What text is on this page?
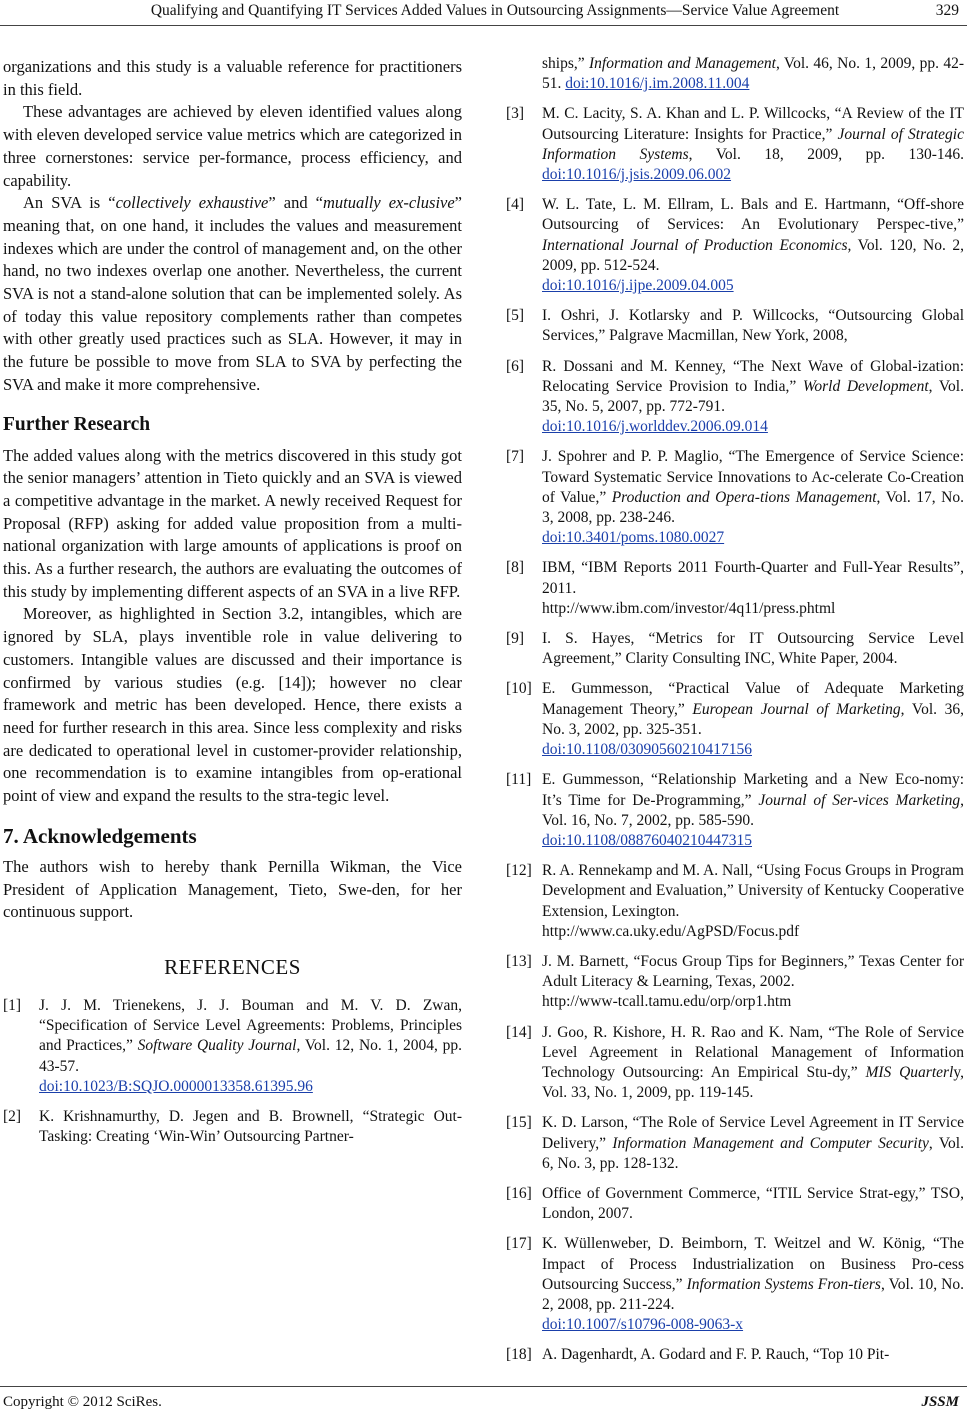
Qualifying and Quantifying IT Services Added Values in Outsourcing Assignments—Service Value Agreement	329

organizations and this study is a valuable reference for practitioners in this field.

These advantages are achieved by eleven identified values along with eleven developed service value metrics which are categorized in three cornerstones: service per-formance, process efficiency, and capability.

An SVA is “collectively exhaustive” and “mutually ex-clusive” meaning that, on one hand, it includes the values and measurement indexes which are under the control of management and, on the other hand, no two indexes overlap one another. Nevertheless, the current SVA is not a stand-alone solution that can be implemented solely. As of today this value repository complements rather than competes with other greatly used practices such as SLA. However, it may in the future be possible to move from SLA to SVA by perfecting the SVA and make it more comprehensive.

Further Research

The added values along with the metrics discovered in this study got the senior managers’ attention in Tieto quickly and an SVA is viewed a competitive advantage in the market. A newly received Request for Proposal (RFP) asking for added value proposition from a multi-national organization with large amounts of applications is proof on this. As a further research, the authors are evaluating the outcomes of this study by implementing different aspects of an SVA in a live RFP.

Moreover, as highlighted in Section 3.2, intangibles, which are ignored by SLA, plays inventible role in value delivering to customers. Intangible values are discussed and their importance is confirmed by various studies (e.g. [14]); however no clear framework and metric has been developed. Hence, there exists a need for further research in this area. Since less complexity and risks are dedicated to operational level in customer-provider relationship, one recommendation is to examine intangibles from op-erational point of view and expand the results to the stra-tegic level.

7. Acknowledgements

The authors wish to hereby thank Pernilla Wikman, the Vice President of Application Management, Tieto, Swe-den, for her continuous support.

REFERENCES
[1] J. J. M. Trienekens, J. J. Bouman and M. V. D. Zwan, “Specification of Service Level Agreements: Problems, Principles and Practices,” Software Quality Journal, Vol. 12, No. 1, 2004, pp. 43-57.
doi:10.1023/B:SQJO.0000013358.61395.96
[2] K. Krishnamurthy, D. Jegen and B. Brownell, “Strategic Out-Tasking: Creating ‘Win-Win’ Outsourcing Partner-
ships,” Information and Management, Vol. 46, No. 1, 2009, pp. 42-51. doi:10.1016/j.im.2008.11.004
[3] M. C. Lacity, S. A. Khan and L. P. Willcocks, “A Review of the IT Outsourcing Literature: Insights for Practice,” Journal of Strategic Information Systems, Vol. 18, 2009, pp. 130-146. doi:10.1016/j.jsis.2009.06.002
[4] W. L. Tate, L. M. Ellram, L. Bals and E. Hartmann, “Off-shore Outsourcing of Services: An Evolutionary Perspec-tive,” International Journal of Production Economics, Vol. 120, No. 2, 2009, pp. 512-524.
doi:10.1016/j.ijpe.2009.04.005
[5] I. Oshri, J. Kotlarsky and P. Willcocks, “Outsourcing Global Services,” Palgrave Macmillan, New York, 2008,
[6] R. Dossani and M. Kenney, “The Next Wave of Global-ization: Relocating Service Provision to India,” World Development, Vol. 35, No. 5, 2007, pp. 772-791.
doi:10.1016/j.worlddev.2006.09.014
[7] J. Spohrer and P. P. Maglio, “The Emergence of Service Science: Toward Systematic Service Innovations to Ac-celerate Co-Creation of Value,” Production and Opera-tions Management, Vol. 17, No. 3, 2008, pp. 238-246.
doi:10.3401/poms.1080.0027
[8] IBM, “IBM Reports 2011 Fourth-Quarter and Full-Year Results”, 2011.
http://www.ibm.com/investor/4q11/press.phtml
[9] I. S. Hayes, “Metrics for IT Outsourcing Service Level Agreement,” Clarity Consulting INC, White Paper, 2004.
[10] E. Gummesson, “Practical Value of Adequate Marketing Management Theory,” European Journal of Marketing, Vol. 36, No. 3, 2002, pp. 325-351.
doi:10.1108/03090560210417156
[11] E. Gummesson, “Relationship Marketing and a New Eco-nomy: It’s Time for De-Programming,” Journal of Ser-vices Marketing, Vol. 16, No. 7, 2002, pp. 585-590.
doi:10.1108/08876040210447315
[12] R. A. Rennekamp and M. A. Nall, “Using Focus Groups in Program Development and Evaluation,” University of Kentucky Cooperative Extension, Lexington.
http://www.ca.uky.edu/AgPSD/Focus.pdf
[13] J. M. Barnett, “Focus Group Tips for Beginners,” Texas Center for Adult Literacy & Learning, Texas, 2002.
http://www-tcall.tamu.edu/orp/orp1.htm
[14] J. Goo, R. Kishore, H. R. Rao and K. Nam, “The Role of Service Level Agreement in Relational Management of Information Technology Outsourcing: An Empirical Stu-dy,” MIS Quarterly, Vol. 33, No. 1, 2009, pp. 119-145.
[15] K. D. Larson, “The Role of Service Level Agreement in IT Service Delivery,” Information Management and Computer Security, Vol. 6, No. 3, pp. 128-132.
[16] Office of Government Commerce, “ITIL Service Strat-egy,” TSO, London, 2007.
[17] K. Wüllenweber, D. Beimborn, T. Weitzel and W. König, “The Impact of Process Industrialization on Business Pro-cess Outsourcing Success,” Information Systems Fron-tiers, Vol. 10, No. 2, 2008, pp. 211-224.
doi:10.1007/s10796-008-9063-x
[18] A. Dagenhardt, A. Godard and F. P. Rauch, “Top 10 Pit-
Copyright © 2012 SciRes.	JSSM
